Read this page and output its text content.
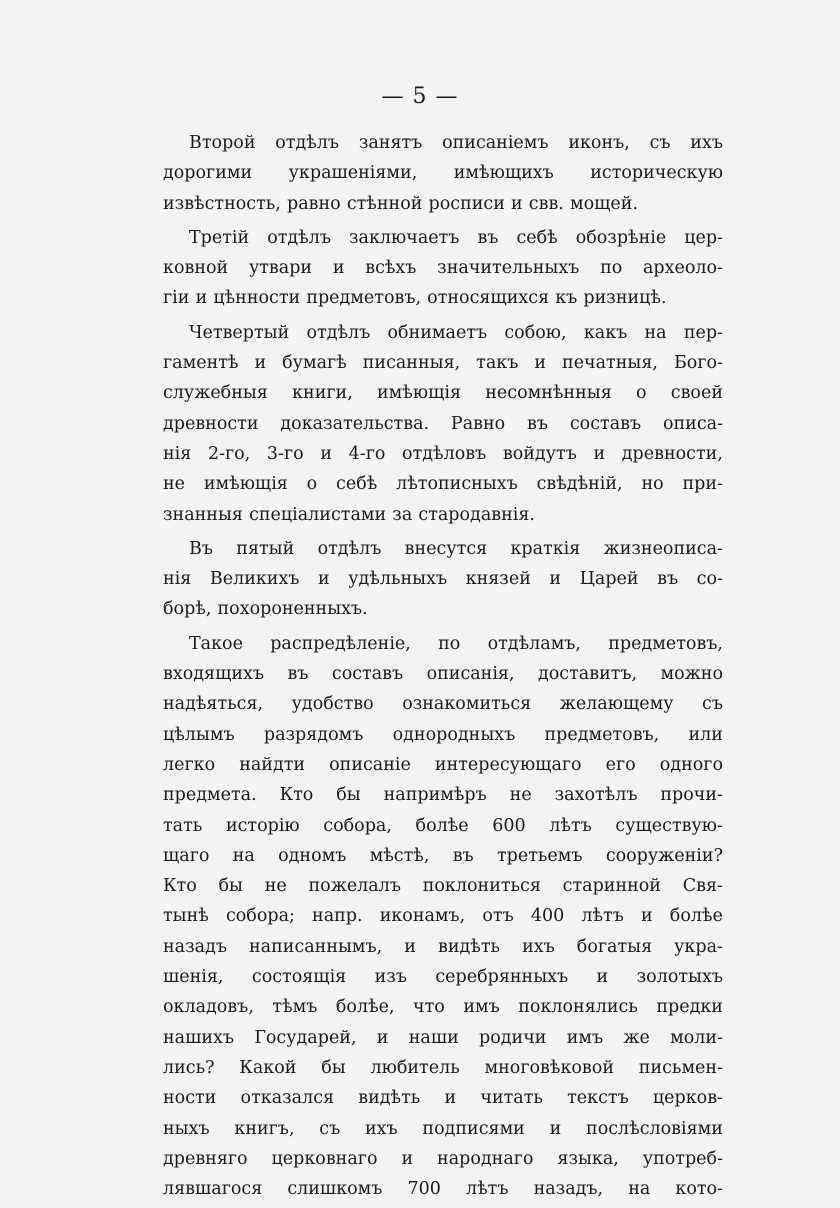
— 5 —
Второй отдѣлъ занятъ описаніемъ иконъ, съ ихъ
дорогими украшеніями, имѣющихъ историческую
извѣстность, равно стѣнной росписи и свв. мощей.
Третій отдѣлъ заключаетъ въ себѣ обозрѣніе цер-
ковной утвари и всѣхъ значительныхъ по археоло-
гіи и цѣнности предметовъ, относящихся къ ризницѣ.
Четвертый отдѣлъ обнимаетъ собою, какъ на пер-
гаментѣ и бумагѣ писанныя, такъ и печатныя, Бого-
служебныя книги, имѣющія несомнѣнныя о своей
древности доказательства. Равно въ составъ описа-
нія 2-го, 3-го и 4-го отдѣловъ войдутъ и древности,
не имѣющія о себѣ лѣтописныхъ свѣдѣній, но при-
знанныя спеціалистами за стародавнія.
Въ пятый отдѣлъ внесутся краткія жизнеописа-
нія Великихъ и удѣльныхъ князей и Царей въ со-
борѣ, похороненныхъ.
Такое распредѣленіе, по отдѣламъ, предметовъ,
входящихъ въ составъ описанія, доставитъ, можно
надѣяться, удобство ознакомиться желающему съ
цѣлымъ разрядомъ однородныхъ предметовъ, или
легко найдти описаніе интересующаго его одного
предмета. Кто бы напримѣръ не захотѣлъ прочи-
тать исторію собора, болѣе 600 лѣтъ существую-
щаго на одномъ мѣстѣ, въ третьемъ сооруженіи?
Кто бы не пожелалъ поклониться старинной Свя-
тынѣ собора; напр. иконамъ, отъ 400 лѣтъ и болѣе
назадъ написаннымъ, и видѣть ихъ богатыя укра-
шенія, состоящія изъ серебрянныхъ и золотыхъ
окладовъ, тѣмъ болѣе, что имъ поклонялись предки
нашихъ Государей, и наши родичи имъ же моли-
лись? Какой бы любитель многовѣковой письмен-
ности отказался видѣть и читать текстъ церков-
ныхъ книгъ, съ ихъ подписями и послѣсловіями
древняго церковнаго и народнаго языка, употреб-
лявшагося слишкомъ 700 лѣтъ назадъ, на кото-
